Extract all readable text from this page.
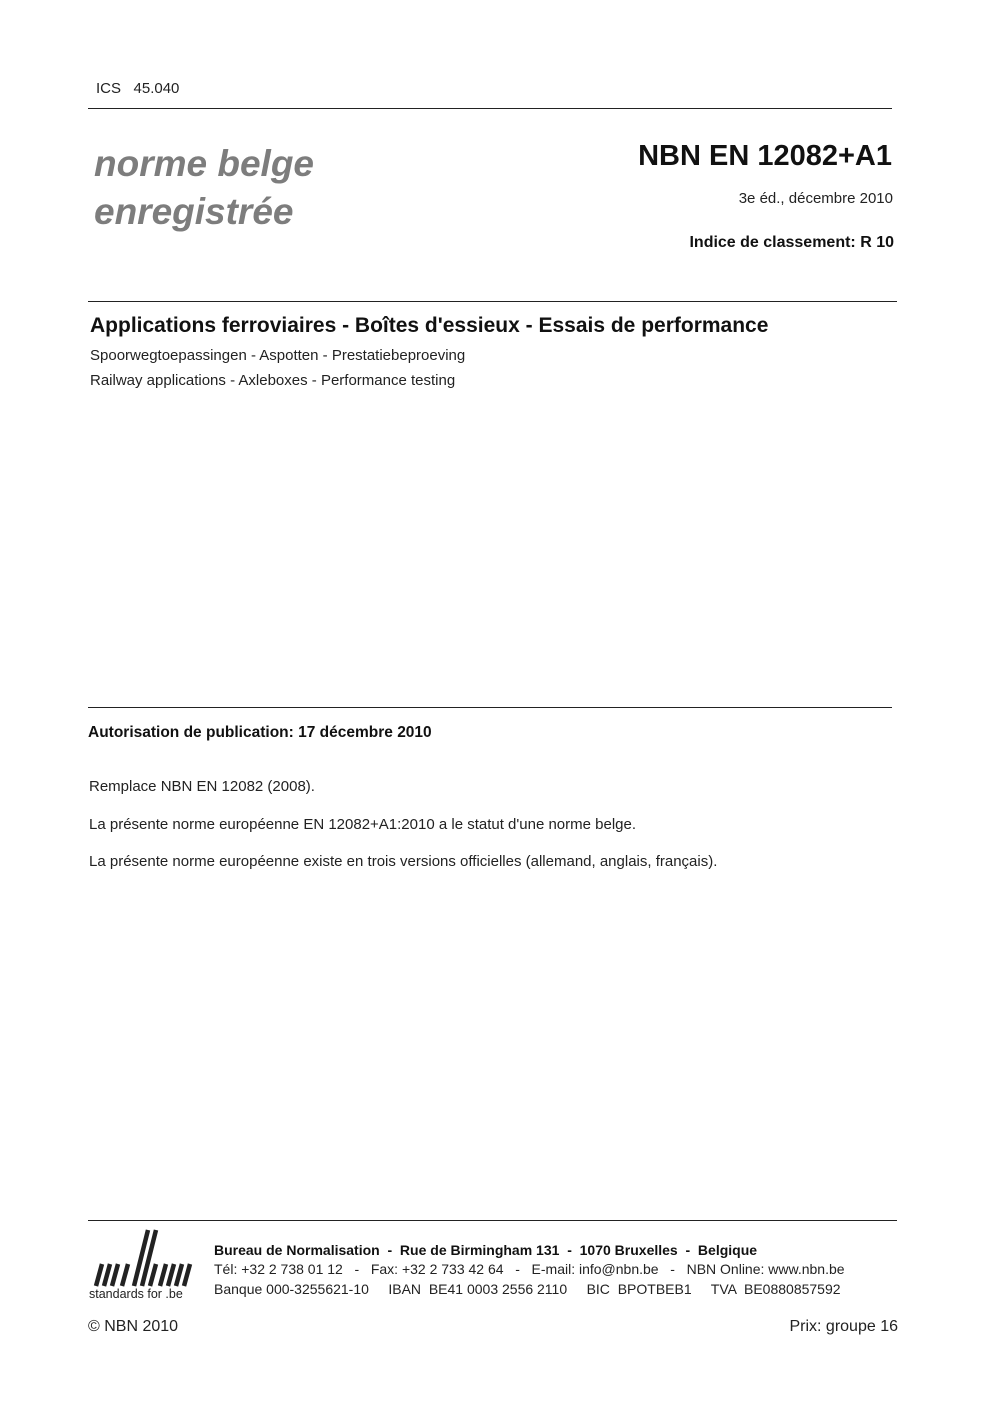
ICS   45.040
norme belge
enregistrée
NBN EN 12082+A1
3e éd., décembre 2010
Indice de classement: R 10
Applications ferroviaires - Boîtes d'essieux - Essais de performance
Spoorwegtoepassingen - Aspotten - Prestatiebeproeving
Railway applications - Axleboxes - Performance testing
Autorisation de publication: 17 décembre 2010
Remplace NBN EN 12082 (2008).
La présente norme européenne EN 12082+A1:2010 a le statut d'une norme belge.
La présente norme européenne existe en trois versions officielles (allemand, anglais, français).
standards for .be
Bureau de Normalisation  -  Rue de Birmingham 131  -  1070 Bruxelles  -  Belgique
Tél: +32 2 738 01 12   -   Fax: +32 2 733 42 64   -   E-mail: info@nbn.be   -   NBN Online: www.nbn.be
Banque 000-3255621-10     IBAN  BE41 0003 2556 2110     BIC  BPOTBEB1     TVA  BE0880857592
© NBN 2010	Prix: groupe 16
